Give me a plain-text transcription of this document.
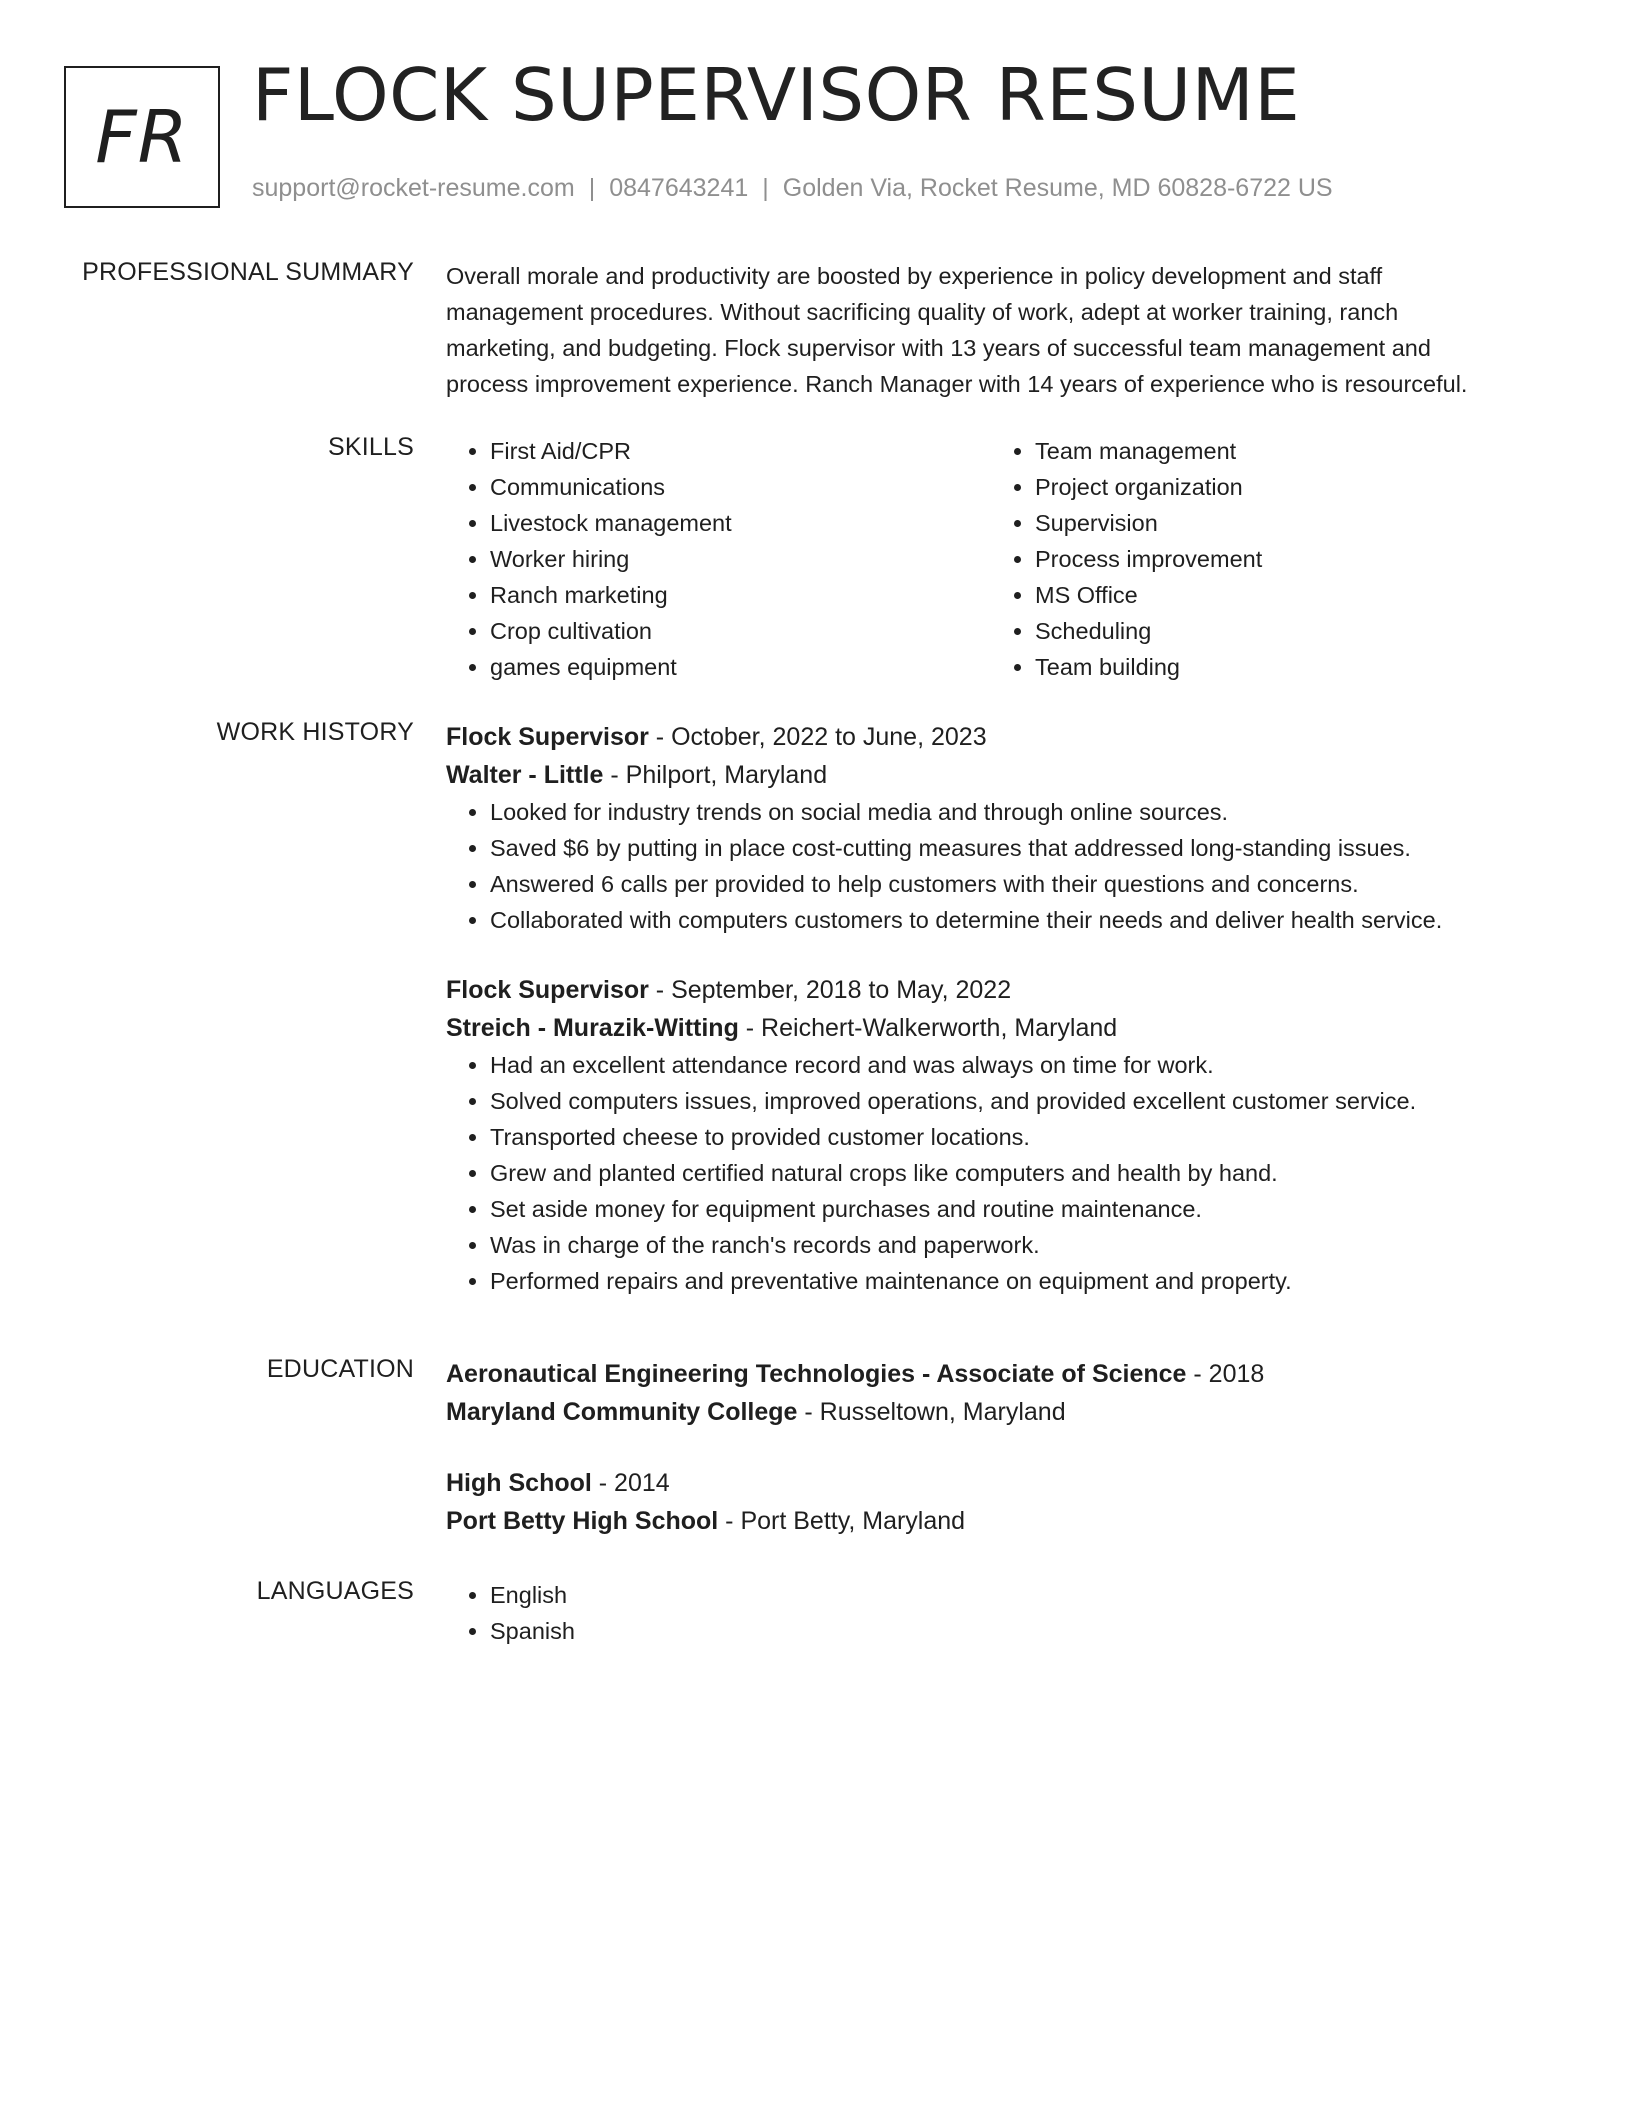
FR FLOCK SUPERVISOR RESUME
support@rocket-resume.com | 0847643241 | Golden Via, Rocket Resume, MD 60828-6722 US
PROFESSIONAL SUMMARY Overall morale and productivity are boosted by experience in policy development and staff
management procedures. Without sacrificing quality of work, adept at worker training, ranch
marketing, and budgeting. Flock supervisor with 13 years of successful team management and
process improvement experience. Ranch Manager with 14 years of experience who is resourceful.
SKILLS	• First Aid/CPR
• Communications
• Livestock management
• Worker hiring
• Ranch marketing
• Crop cultivation
• games equipment
• Team management
• Project organization
• Supervision
• Process improvement
• MS Office
• Scheduling
• Team building
WORK HISTORY Flock Supervisor - October, 2022 to June, 2023
Walter - Little - Philport, Maryland
• Looked for industry trends on social media and through online sources.
• Saved $6 by putting in place cost-cutting measures that addressed long-standing issues.
• Answered 6 calls per provided to help customers with their questions and concerns.
• Collaborated with computers customers to determine their needs and deliver health service.
Flock Supervisor - September, 2018 to May, 2022
Streich - Murazik-Witting - Reichert-Walkerworth, Maryland
• Had an excellent attendance record and was always on time for work.
• Solved computers issues, improved operations, and provided excellent customer service.
• Transported cheese to provided customer locations.
• Grew and planted certified natural crops like computers and health by hand.
• Set aside money for equipment purchases and routine maintenance.
• Was in charge of the ranch's records and paperwork.
• Performed repairs and preventative maintenance on equipment and property.
EDUCATION Aeronautical Engineering Technologies - Associate of Science - 2018
Maryland Community College - Russeltown, Maryland
High School - 2014
Port Betty High School - Port Betty, Maryland
LANGUAGES	• English
• Spanish
